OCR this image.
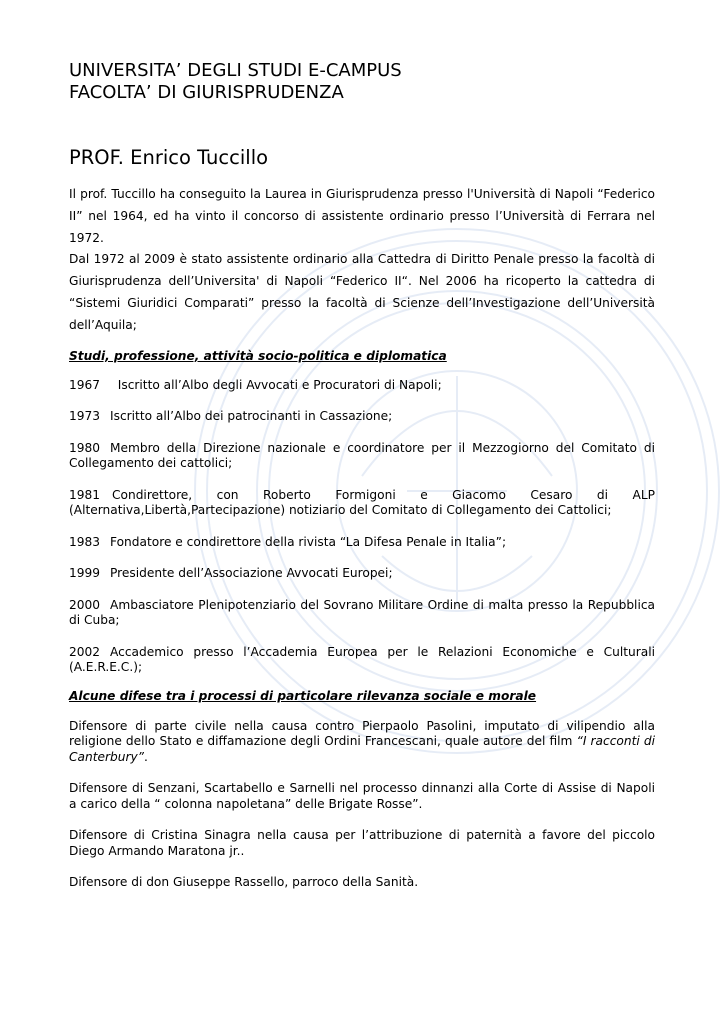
UNIVERSITA’ DEGLI STUDI E-CAMPUS
FACOLTA’ DI GIURISPRUDENZA
PROF. Enrico Tuccillo

Il prof. Tuccillo ha conseguito la Laurea in Giurisprudenza presso l'Università di Napoli “Federico II” nel 1964, ed ha vinto il concorso di assistente ordinario presso l’Università di Ferrara nel 1972.

Dal 1972 al 2009 è stato assistente ordinario alla Cattedra di Diritto Penale presso la facoltà di Giurisprudenza dell’Universita' di Napoli “Federico II“. Nel 2006 ha ricoperto la cattedra di “Sistemi Giuridici Comparati” presso la facoltà di Scienze dell’Investigazione dell’Università dell’Aquila;

Studi, professione, attività socio-politica e diplomatica

1967  Iscritto all’Albo degli Avvocati e Procuratori di Napoli;

1973 Iscritto all’Albo dei patrocinanti in Cassazione;

1980 Membro della Direzione nazionale e coordinatore per il Mezzogiorno del Comitato di Collegamento dei cattolici;

1981 Condirettore, con Roberto Formigoni e Giacomo Cesaro di ALP (Alternativa,Libertà,Partecipazione) notiziario del Comitato di Collegamento dei Cattolici;

1983 Fondatore e condirettore della rivista “La Difesa Penale in Italia”;

1999 Presidente dell’Associazione Avvocati Europei;

2000 Ambasciatore Plenipotenziario del Sovrano Militare Ordine di malta presso la Repubblica di Cuba;

2002 Accademico presso l’Accademia Europea per le Relazioni Economiche e Culturali (A.E.R.E.C.);

Alcune difese tra i processi di particolare rilevanza sociale e morale

Difensore di parte civile nella causa contro Pierpaolo Pasolini, imputato di vilipendio alla religione dello Stato e diffamazione degli Ordini Francescani, quale autore del film “I racconti di Canterbury”.

Difensore di Senzani, Scartabello e Sarnelli nel processo dinnanzi alla Corte di Assise di Napoli a carico della “ colonna napoletana” delle Brigate Rosse”.

Difensore di Cristina Sinagra nella causa per l’attribuzione di paternità a favore del piccolo Diego Armando Maratona jr..

Difensore di don Giuseppe Rassello, parroco della Sanità.
